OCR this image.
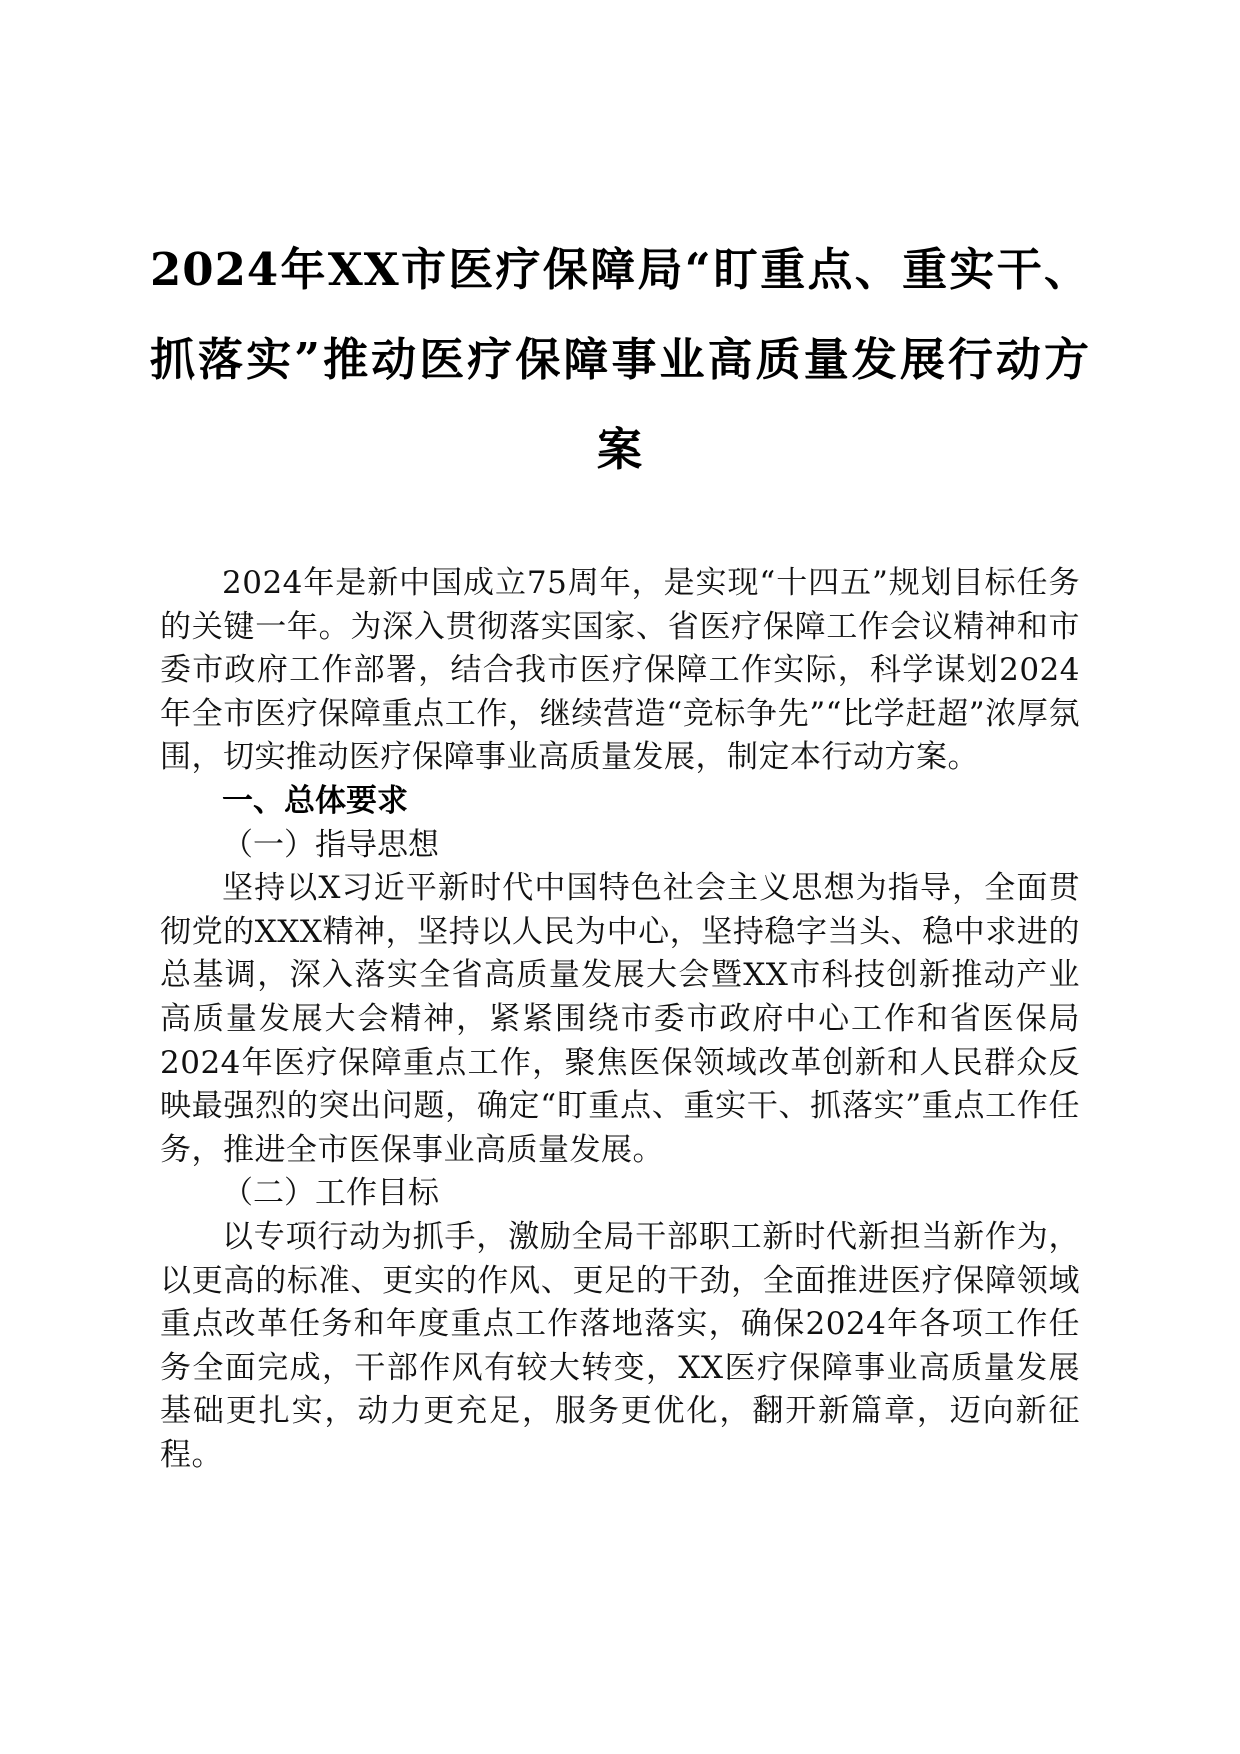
2024年XX市医疗保障局“盯重点、重实干、抓落实”推动医疗保障事业高质量发展行动方案

2024年是新中国成立75周年，是实现“十四五”规划目标任务的关键一年。为深入贯彻落实国家、省医疗保障工作会议精神和市委市政府工作部署，结合我市医疗保障工作实际，科学谋划2024年全市医疗保障重点工作，继续营造“竞标争先”“比学赶超”浓厚氛围，切实推动医疗保障事业高质量发展，制定本行动方案。

一、总体要求

（一）指导思想

坚持以X习近平新时代中国特色社会主义思想为指导，全面贯彻党的XXX精神，坚持以人民为中心，坚持稳字当头、稳中求进的总基调，深入落实全省高质量发展大会暨XX市科技创新推动产业高质量发展大会精神，紧紧围绕市委市政府中心工作和省医保局2024年医疗保障重点工作，聚焦医保领域改革创新和人民群众反映最强烈的突出问题，确定“盯重点、重实干、抓落实”重点工作任务，推进全市医保事业高质量发展。

（二）工作目标

以专项行动为抓手，激励全局干部职工新时代新担当新作为，以更高的标准、更实的作风、更足的干劲，全面推进医疗保障领域重点改革任务和年度重点工作落地落实，确保2024年各项工作任务全面完成，干部作风有较大转变，XX医疗保障事业高质量发展基础更扎实，动力更充足，服务更优化，翻开新篇章，迈向新征程。
